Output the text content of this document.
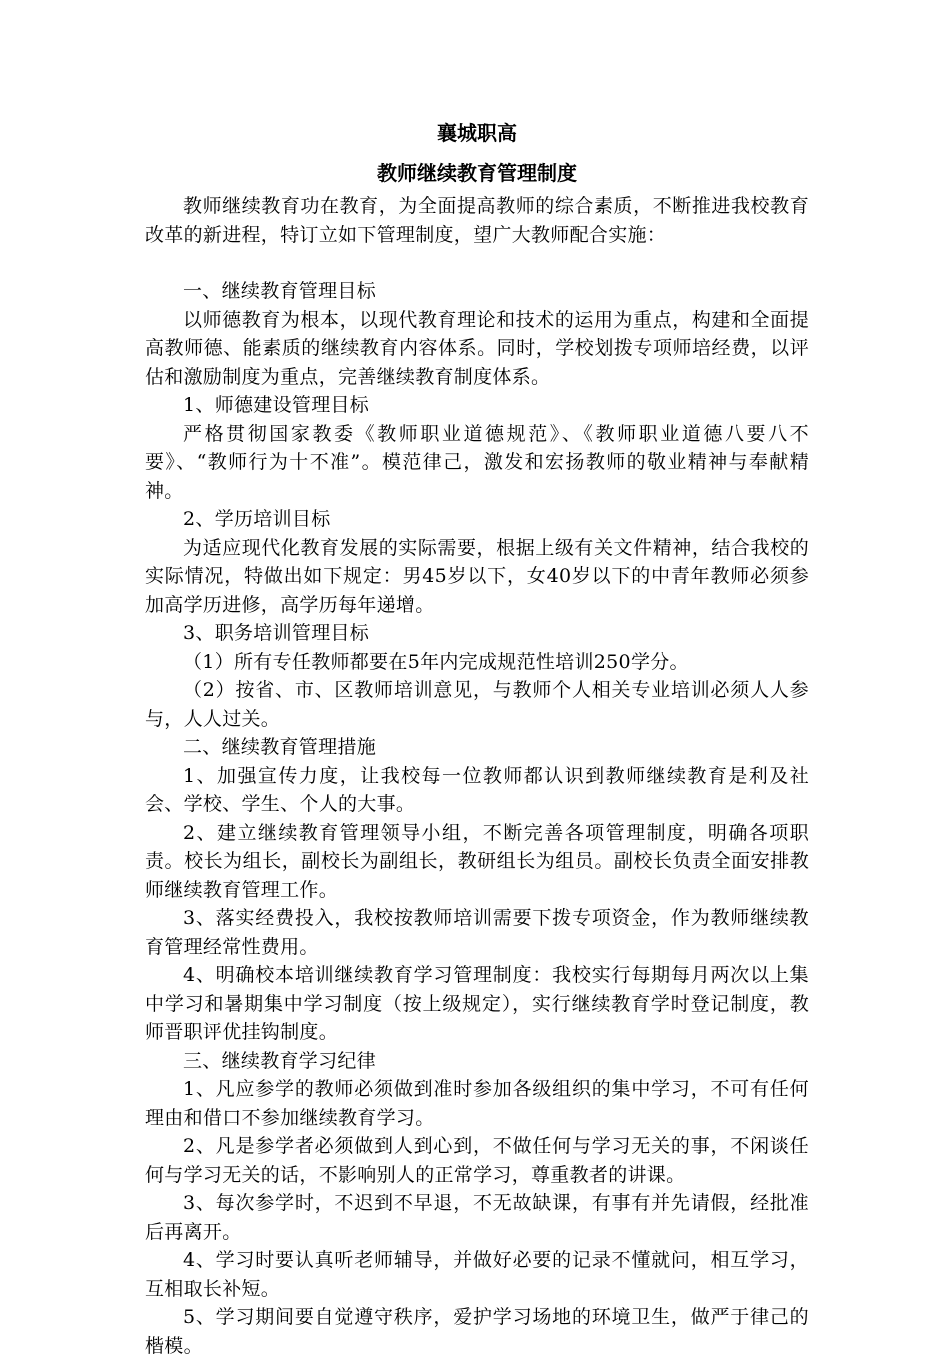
襄城职高
教师继续教育管理制度

教师继续教育功在教育，为全面提高教师的综合素质，不断推进我校教育改革的新进程，特订立如下管理制度，望广大教师配合实施：

一、继续教育管理目标

以师德教育为根本，以现代教育理论和技术的运用为重点，构建和全面提高教师德、能素质的继续教育内容体系。同时，学校划拨专项师培经费，以评估和激励制度为重点，完善继续教育制度体系。

1、师德建设管理目标

严格贯彻国家教委《教师职业道德规范》、《教师职业道德八要八不要》、“教师行为十不准”。模范律己，激发和宏扬教师的敬业精神与奉献精神。

2、学历培训目标

为适应现代化教育发展的实际需要，根据上级有关文件精神，结合我校的实际情况，特做出如下规定：男45岁以下，女40岁以下的中青年教师必须参加高学历进修，高学历每年递增。

3、职务培训管理目标

（1）所有专任教师都要在5年内完成规范性培训250学分。

（2）按省、市、区教师培训意见，与教师个人相关专业培训必须人人参与，人人过关。

二、继续教育管理措施

1、加强宣传力度，让我校每一位教师都认识到教师继续教育是利及社会、学校、学生、个人的大事。

2、建立继续教育管理领导小组，不断完善各项管理制度，明确各项职责。校长为组长，副校长为副组长，教研组长为组员。副校长负责全面安排教师继续教育管理工作。

3、落实经费投入，我校按教师培训需要下拨专项资金，作为教师继续教育管理经常性费用。

4、明确校本培训继续教育学习管理制度：我校实行每期每月两次以上集中学习和暑期集中学习制度（按上级规定），实行继续教育学时登记制度，教师晋职评优挂钩制度。

三、继续教育学习纪律

1、凡应参学的教师必须做到准时参加各级组织的集中学习，不可有任何理由和借口不参加继续教育学习。

2、凡是参学者必须做到人到心到，不做任何与学习无关的事，不闲谈任何与学习无关的话，不影响别人的正常学习，尊重教者的讲课。

3、每次参学时，不迟到不早退，不无故缺课，有事有并先请假，经批准后再离开。

4、学习时要认真听老师辅导，并做好必要的记录不懂就问，相互学习，互相取长补短。

5、学习期间要自觉遵守秩序，爱护学习场地的环境卫生，做严于律己的楷模。
